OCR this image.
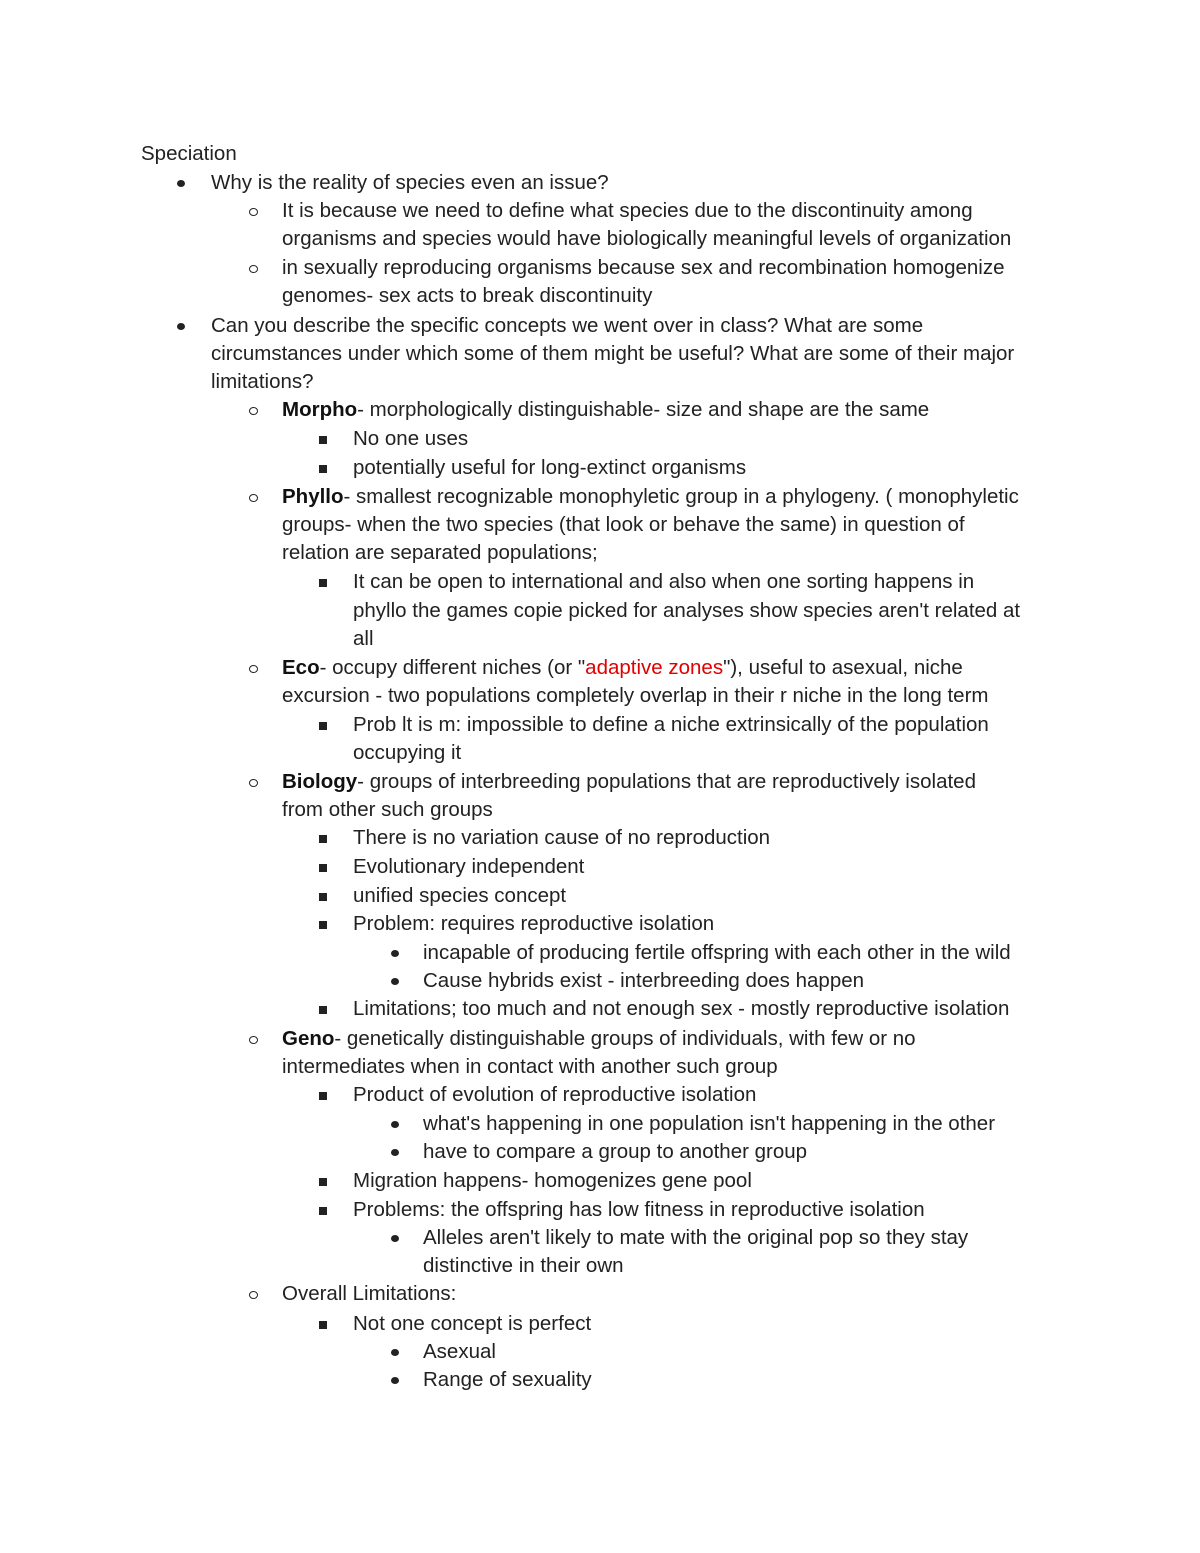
Speciation
Why is the reality of species even an issue?
It is because we need to define what species due to the discontinuity among
organisms and species would have biologically meaningful levels of organization
in sexually reproducing organisms because sex and recombination homogenize
genomes- sex acts to break discontinuity
Can you describe the specific concepts we went over in class? What are some
circumstances under which some of them might be useful? What are some of their major
limitations?
Morpho- morphologically distinguishable- size and shape are the same
No one uses
potentially useful for long-extinct organisms
Phyllo- smallest recognizable monophyletic group in a phylogeny. ( monophyletic
groups- when the two species (that look or behave the same) in question of
relation are separated populations;
It can be open to international and also when one sorting happens in
phyllo the games copie picked for analyses show species aren't related at
all
Eco- occupy different niches (or "adaptive zones"), useful to asexual, niche
excursion - two populations completely overlap in their r niche in the long term
Prob lt is m: impossible to define a niche extrinsically of the population
occupying it
Biology- groups of interbreeding populations that are reproductively isolated
from other such groups
There is no variation cause of no reproduction
Evolutionary independent
unified species concept
Problem: requires reproductive isolation
incapable of producing fertile offspring with each other in the wild
Cause hybrids exist - interbreeding does happen
Limitations; too much and not enough sex - mostly reproductive isolation
Geno- genetically distinguishable groups of individuals, with few or no
intermediates when in contact with another such group
Product of evolution of reproductive isolation
what's happening in one population isn't happening in the other
have to compare a group to another group
Migration happens- homogenizes gene pool
Problems: the offspring has low fitness in reproductive isolation
Alleles aren't likely to mate with the original pop so they stay
distinctive in their own
Overall Limitations:
Not one concept is perfect
Asexual
Range of sexuality
